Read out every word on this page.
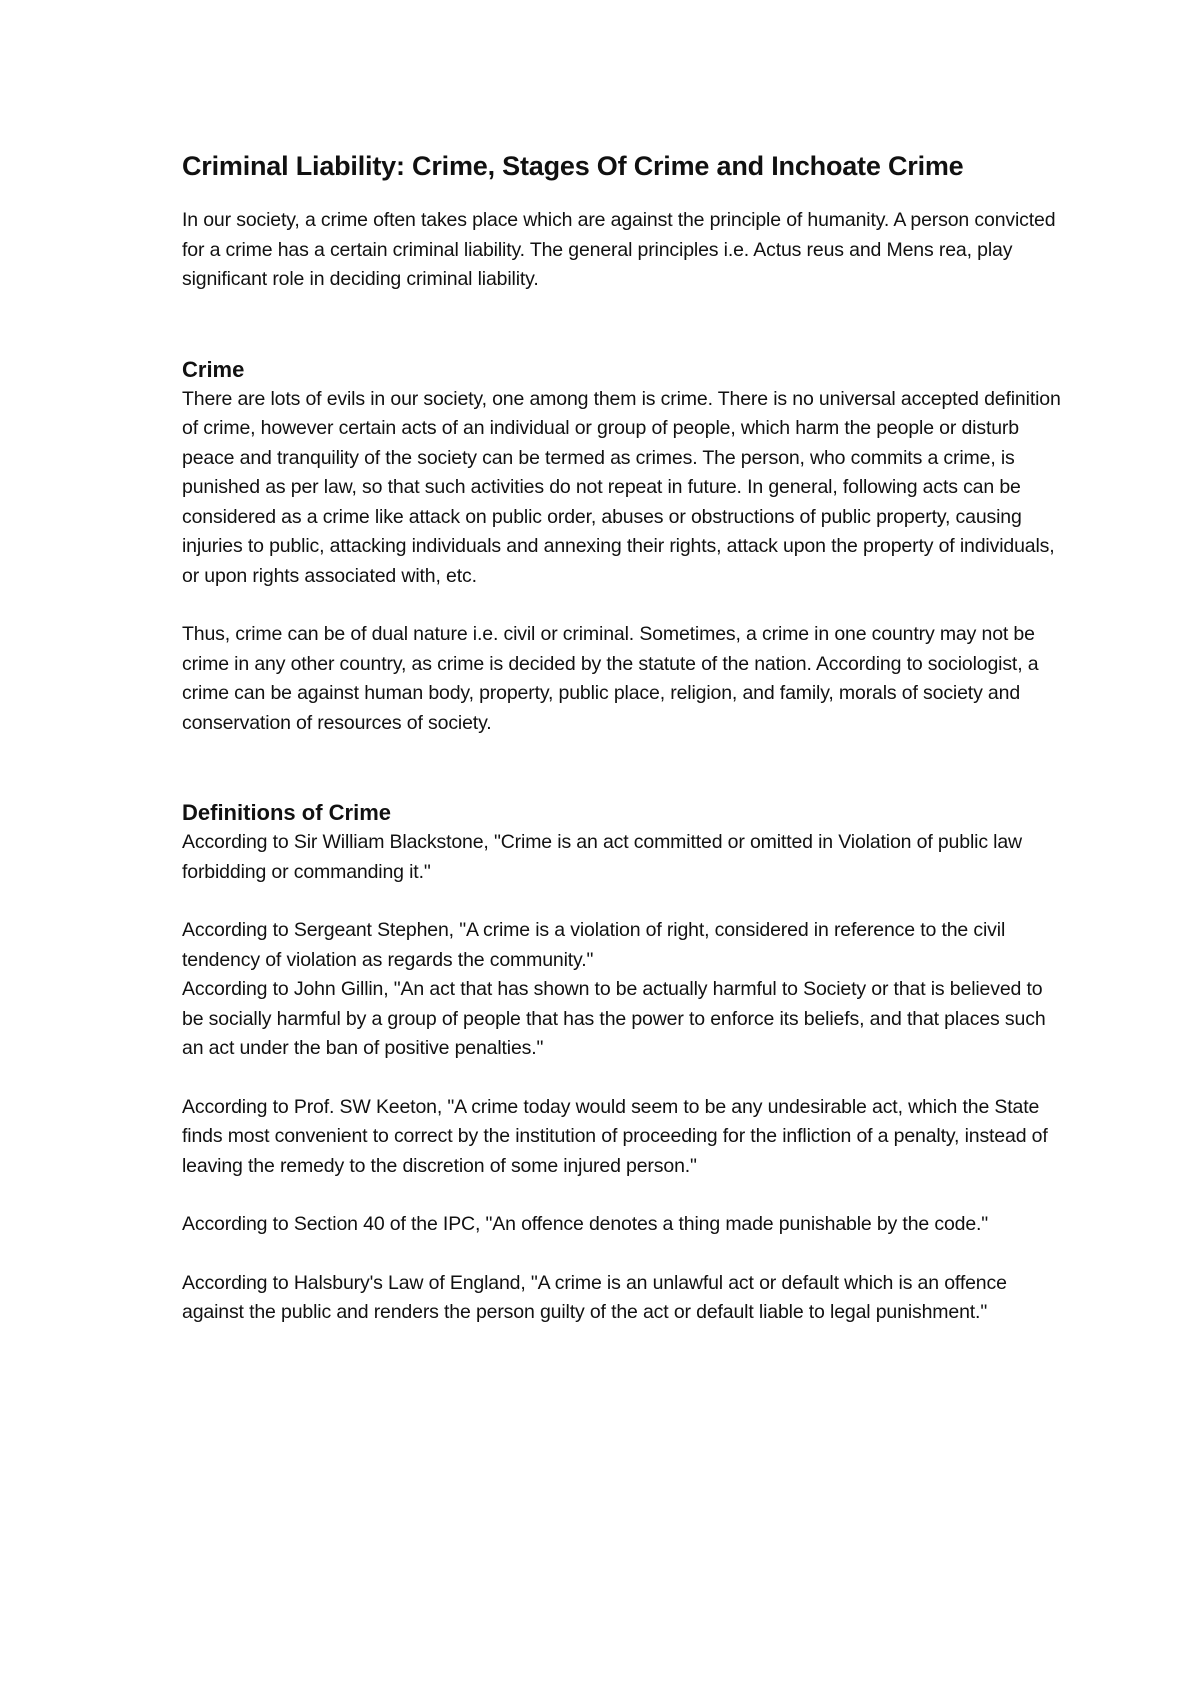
Criminal Liability: Crime, Stages Of Crime and Inchoate Crime

In our society, a crime often takes place which are against the principle of humanity. A person convicted for a crime has a certain criminal liability. The general principles i.e. Actus reus and Mens rea, play significant role in deciding criminal liability.

Crime

There are lots of evils in our society, one among them is crime. There is no universal accepted definition of crime, however certain acts of an individual or group of people, which harm the people or disturb peace and tranquility of the society can be termed as crimes. The person, who commits a crime, is punished as per law, so that such activities do not repeat in future. In general, following acts can be considered as a crime like attack on public order, abuses or obstructions of public property, causing injuries to public, attacking individuals and annexing their rights, attack upon the property of individuals, or upon rights associated with, etc.

Thus, crime can be of dual nature i.e. civil or criminal. Sometimes, a crime in one country may not be crime in any other country, as crime is decided by the statute of the nation. According to sociologist, a crime can be against human body, property, public place, religion, and family, morals of society and conservation of resources of society.

Definitions of Crime

According to Sir William Blackstone, "Crime is an act committed or omitted in Violation of public law forbidding or commanding it."

According to Sergeant Stephen, "A crime is a violation of right, considered in reference to the civil tendency of violation as regards the community."

According to John Gillin, "An act that has shown to be actually harmful to Society or that is believed to be socially harmful by a group of people that has the power to enforce its beliefs, and that places such an act under the ban of positive penalties."

According to Prof. SW Keeton, "A crime today would seem to be any undesirable act, which the State finds most convenient to correct by the institution of proceeding for the infliction of a penalty, instead of leaving the remedy to the discretion of some injured person."

According to Section 40 of the IPC, "An offence denotes a thing made punishable by the code."

According to Halsbury's Law of England, "A crime is an unlawful act or default which is an offence against the public and renders the person guilty of the act or default liable to legal punishment."
